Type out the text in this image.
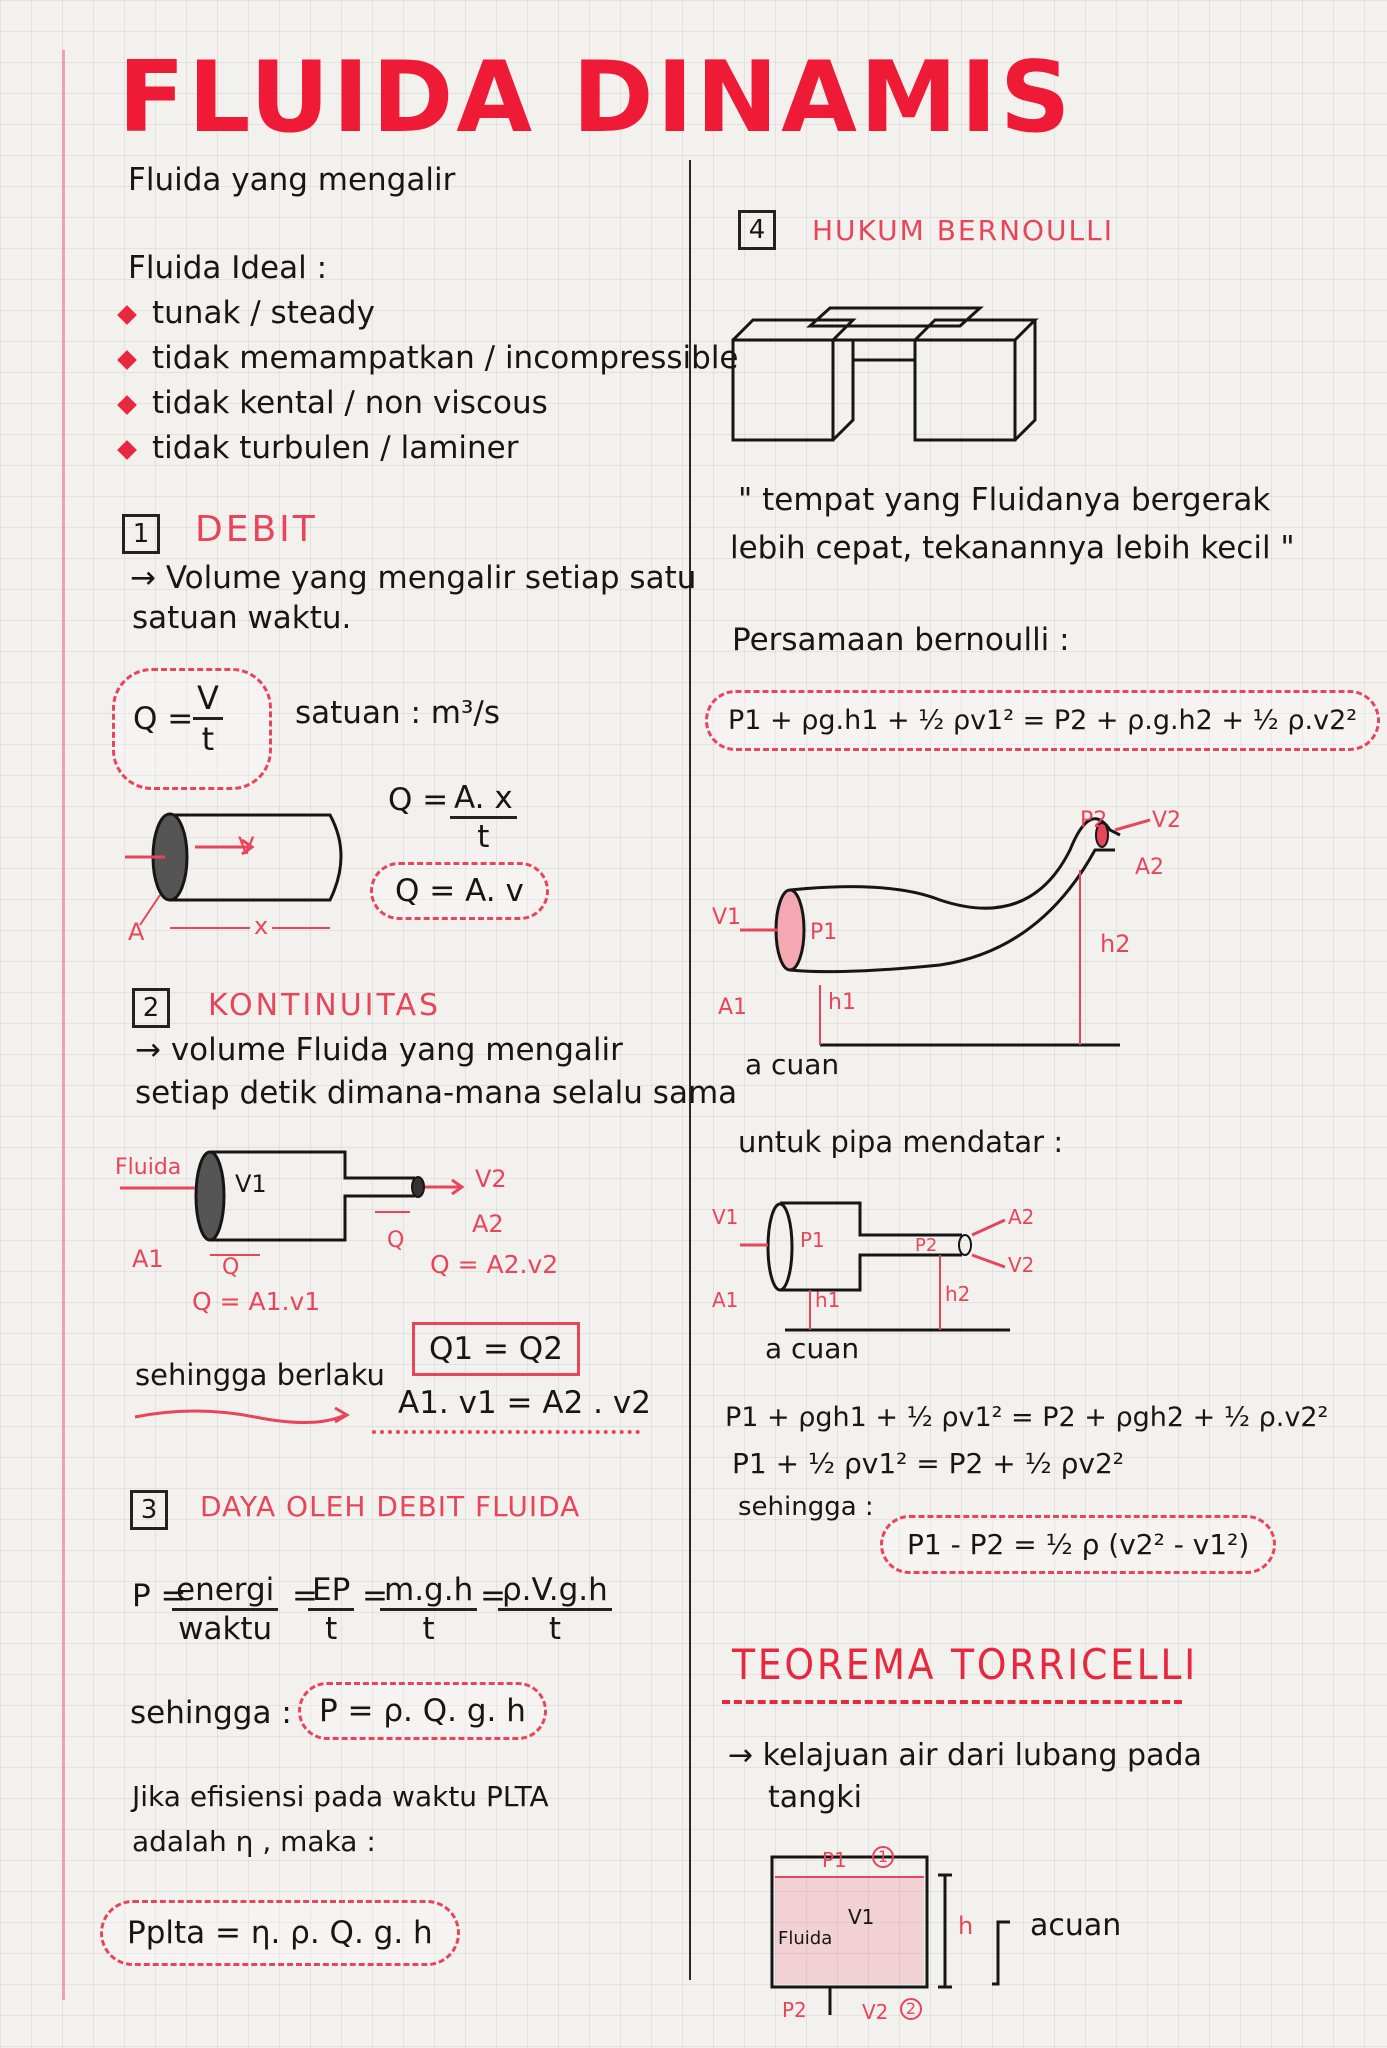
FLUIDA DINAMIS
Fluida yang mengalir
Fluida Ideal :
tunak / steady
tidak memampatkan / incompressible
tidak kental / non viscous
tidak turbulen / laminer
1 DEBIT
→ Volume yang mengalir setiap satu
satuan waktu.
$Q = \frac{V}{t}$ satuan : m³/s
$Q = \frac{A. x}{t}$
Q = A. v
V
A	x
2	KONTINUITAS
→ volume Fluida yang mengalir
setiap detik dimana-mana selalu sama
Fluida
V1	V2
A1
A2
Q
Q
Q = A2.v2
Q = A1.v1
Q1 = Q2
sehingga berlaku
A1. v1 = A2 . v2
3	DAYA OLEH DEBIT FLUIDA
P =
energi
waktu
=
$\frac{EP}{t}$ =
$\frac{m.g.h}{t}$ =
$\frac{\rho.V.g.h}{t}$
sehingga : P = ρ. Q. g. h
Jika efisiensi pada waktu PLTA
adalah η , maka :
Pplta = η. ρ. Q. g. h
4	HUKUM BERNOULLI
" tempat yang Fluidanya bergerak
lebih cepat, tekanannya lebih kecil "
Persamaan bernoulli :
P1 + ρg.h1 + ½ ρv1² = P2 + ρ.g.h2 + ½ ρ.v2²
P2 V2
A2
h2
V1
P1
A1	h1
a cuan
untuk pipa mendatar :
V1
P1	P2
A2
V2
A1	h1	h2
a cuan
P1 + ρgh1 + ½ ρv1² = P2 + ρgh2 + ½ ρ.v2²
P1 + ½ ρv1² = P2 + ½ ρv2²
sehingga :
P1 - P2 = ½ ρ (v2² - v1²)
TEOREMA TORRICELLI
→ kelajuan air dari lubang pada
tangki
P1	1
V1
Fluida	h acuan
P2	V2	2
